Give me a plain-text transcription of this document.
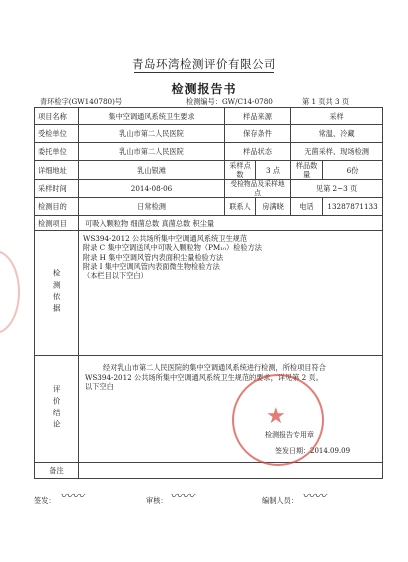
青岛环湾检测评价有限公司
检测报告书
青环检字(GW140780)号	检测编号：GW/C14-0780	第 1 页共 3 页
项目名称	集中空调通风系统卫生要求	样品来源		采样	
受检单位	乳山市第二人民医院	保存条件		常温、冷藏	
委托单位	乳山市第二人民医院	样品状态		无菌采样、现场检测	
详细地址	乳山银滩	采样点数	3 点	样品数量	6份
采样时间	2014-08-06	受检物品及采样地点		见第 2~3 页	
检测目的	日常检测	联系人	房满晓	电话	13287871133
检测项目	可吸入颗粒物 细菌总数 真菌总数 积尘量				
检测依据	WS394-2012 公共场所集中空调通风系统卫生规范
附录 C 集中空调送风中可吸入颗粒物（PM₁₀）检验方法
附录 H 集中空调风管内表面积尘量检验方法
附录 I 集中空调风管内表面微生物检验方法
（本栏目以下空白）				

评价结论	经对乳山市第二人民医院的集中空调通风系统进行检测，所检项目符合
WS394-2012 公共场所集中空调通风系统卫生规范的要求，详见第 2 页。
以下空白
检测报告专用章
签发日期：2014.09.09				

备注					
★
签发： 〰〰	审核： 〰〰	编制人员： 〰〰
